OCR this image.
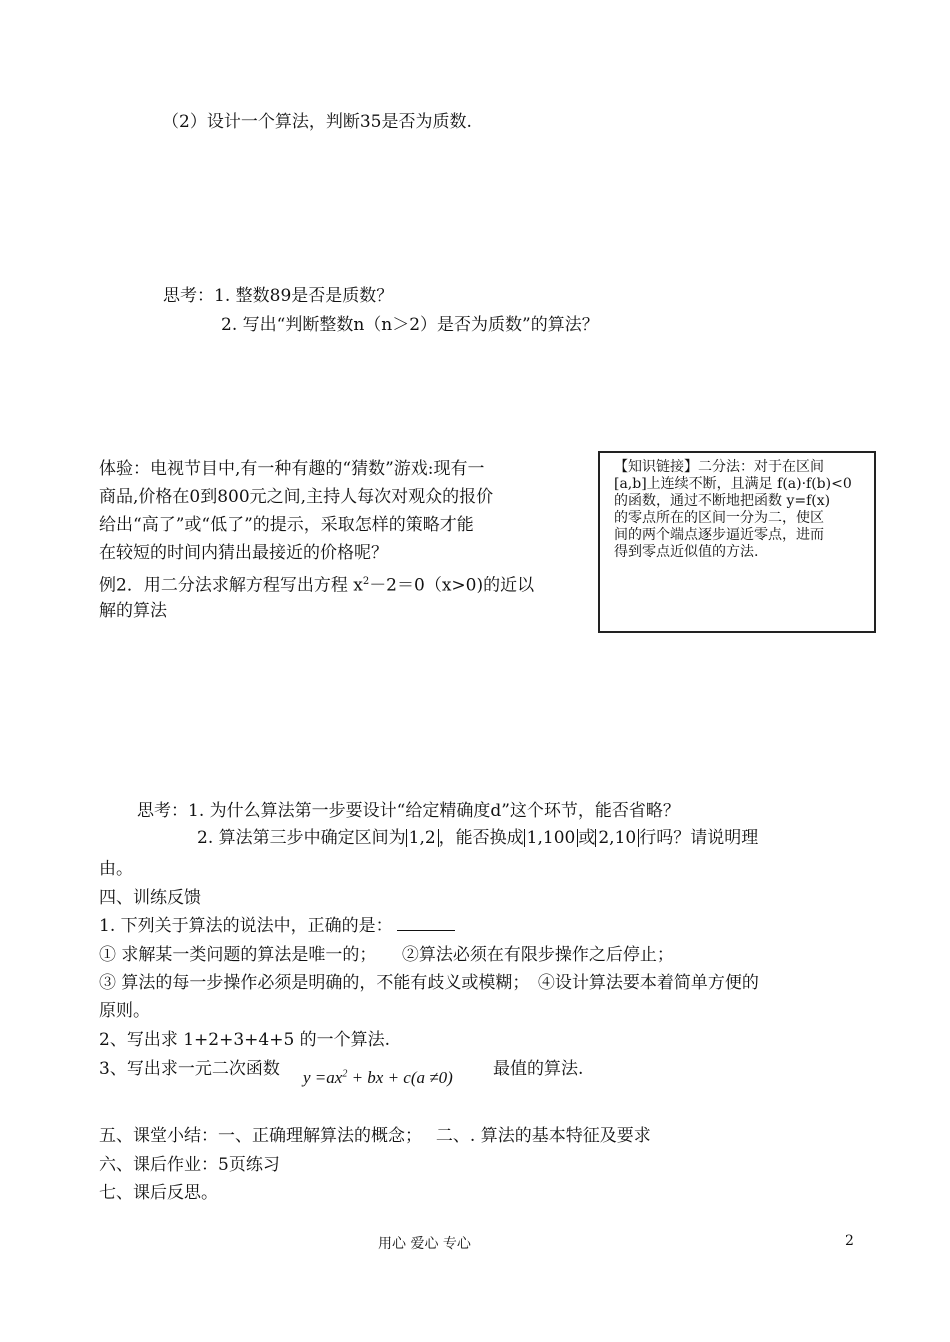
（2）设计一个算法，判断35是否为质数.
思考：1. 整数89是否是质数？
2. 写出“判断整数n（n＞2）是否为质数”的算法？
体验：电视节目中,有一种有趣的“猜数”游戏:现有一
商品,价格在0到800元之间,主持人每次对观众的报价
给出“高了”或“低了”的提示，采取怎样的策略才能
在较短的时间内猜出最接近的价格呢？
例2．用二分法求解方程写出方程 $x^2-2=0(x>0)$的近以
解的算法
【知识链接】二分法：对于在区间
[a,b]上连续不断，且满足 f(a)·f(b)<0
的函数，通过不断地把函数 y=f(x)
的零点所在的区间一分为二，使区
间的两个端点逐步逼近零点，进而
得到零点近似值的方法.
思考：1. 为什么算法第一步要设计“给定精确度d”这个环节，能否省略？
2. 算法第三步中确定区间为 1,2 ，能否换成 1,100 或 2,10 行吗？请说明理
由。
四、训练反馈
1. 下列关于算法的说法中，正确的是：
① 求解某一类问题的算法是唯一的；　　②算法必须在有限步操作之后停止；
③ 算法的每一步操作必须是明确的，不能有歧义或模糊；　④设计算法要本着简单方便的
原则。
2、写出求 1+2+3+4+5 的一个算法.
3、写出求一元二次函数 $y =ax^2$ + bx + c(a ≠0) 最值的算法.
五、课堂小结：一、正确理解算法的概念；　 二、. 算法的基本特征及要求
六、课后作业：5页练习
七、课后反思。
用心 爱心 专心	2
